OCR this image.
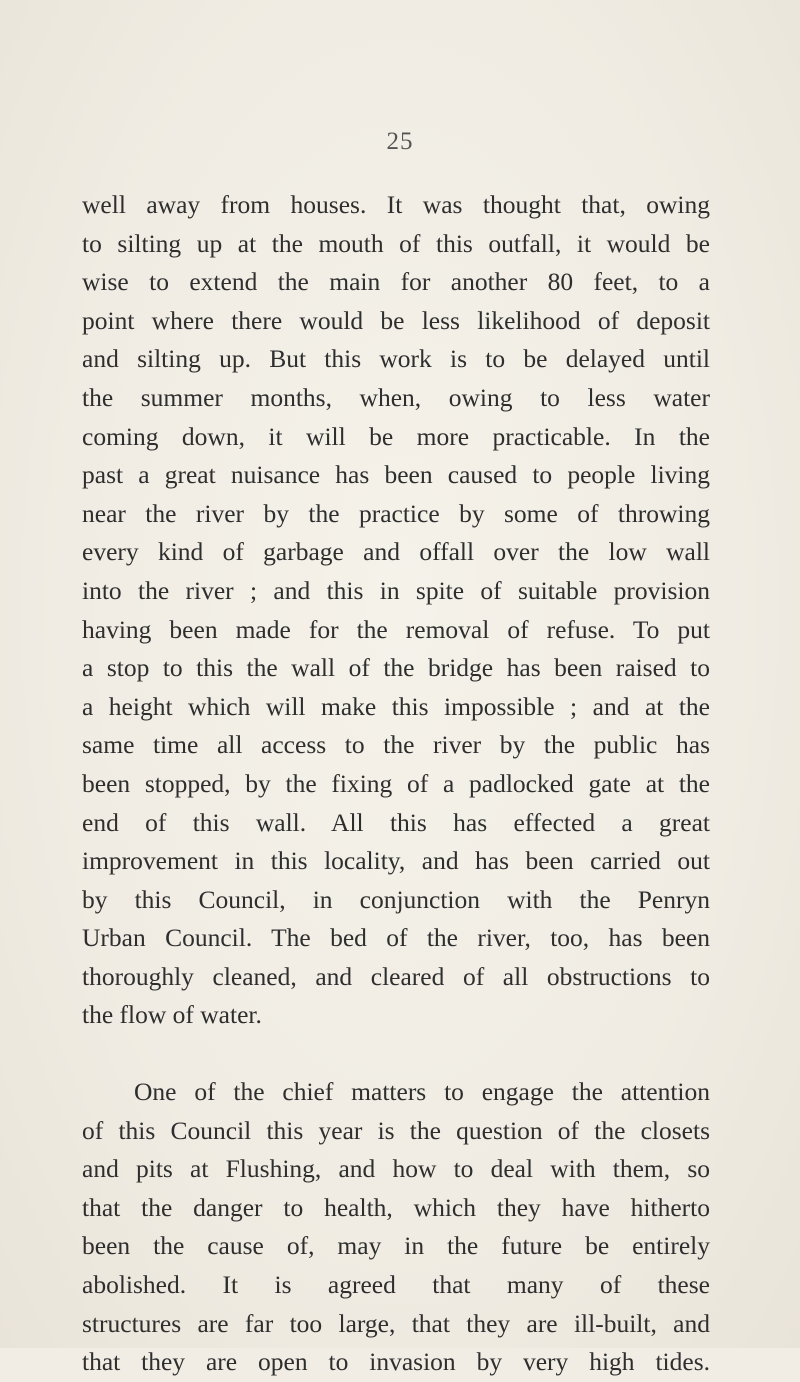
25
well away from houses. It was thought that, owing
to silting up at the mouth of this outfall, it would be
wise to extend the main for another 80 feet, to a
point where there would be less likelihood of deposit
and silting up. But this work is to be delayed until
the summer months, when, owing to less water
coming down, it will be more practicable. In the
past a great nuisance has been caused to people living
near the river by the practice by some of throwing
every kind of garbage and offall over the low wall
into the river ; and this in spite of suitable provision
having been made for the removal of refuse. To put
a stop to this the wall of the bridge has been raised to
a height which will make this impossible ; and at the
same time all access to the river by the public has
been stopped, by the fixing of a padlocked gate at the
end of this wall. All this has effected a great
improvement in this locality, and has been carried out
by this Council, in conjunction with the Penryn
Urban Council. The bed of the river, too, has been
thoroughly cleaned, and cleared of all obstructions to
the flow of water.
One of the chief matters to engage the attention
of this Council this year is the question of the closets
and pits at Flushing, and how to deal with them, so
that the danger to health, which they have hitherto
been the cause of, may in the future be entirely
abolished. It is agreed that many of these
structures are far too large, that they are ill-built, and
that they are open to invasion by very high tides.
